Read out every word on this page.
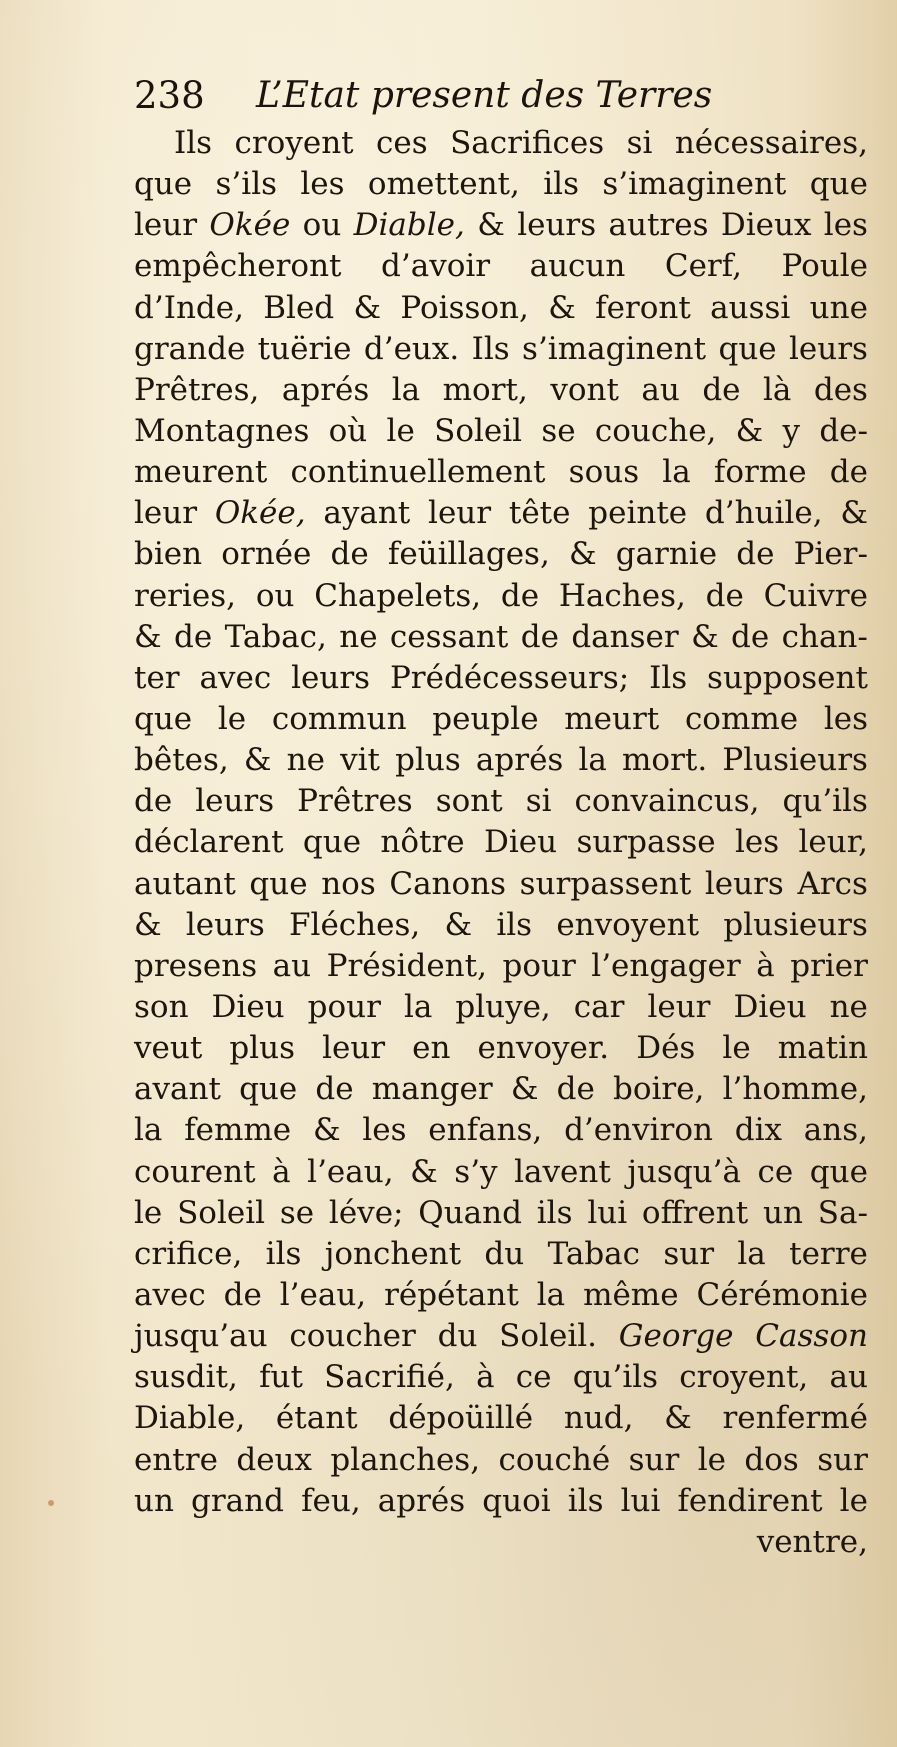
238 L’Etat present des Terres
Ils croyent ces Sacrifices si nécessaires,
que s’ils les omettent, ils s’imaginent que
leur Okée ou Diable, & leurs autres Dieux les
empêcheront d’avoir aucun Cerf, Poule
d’Inde, Bled & Poisson, & feront aussi une
grande tuërie d’eux. Ils s’imaginent que leurs
Prêtres, aprés la mort, vont au de là des
Montagnes où le Soleil se couche, & y de-
meurent continuellement sous la forme de
leur Okée, ayant leur tête peinte d’huile, &
bien ornée de feüillages, & garnie de Pier-
reries, ou Chapelets, de Haches, de Cuivre
& de Tabac, ne cessant de danser & de chan-
ter avec leurs Prédécesseurs; Ils supposent
que le commun peuple meurt comme les
bêtes, & ne vit plus aprés la mort. Plusieurs
de leurs Prêtres sont si convaincus, qu’ils
déclarent que nôtre Dieu surpasse les leur,
autant que nos Canons surpassent leurs Arcs
& leurs Fléches, & ils envoyent plusieurs
presens au Président, pour l’engager à prier
son Dieu pour la pluye, car leur Dieu ne
veut plus leur en envoyer. Dés le matin
avant que de manger & de boire, l’homme,
la femme & les enfans, d’environ dix ans,
courent à l’eau, & s’y lavent jusqu’à ce que
le Soleil se léve; Quand ils lui offrent un Sa-
crifice, ils jonchent du Tabac sur la terre
avec de l’eau, répétant la même Cérémonie
jusqu’au coucher du Soleil. George Casson
susdit, fut Sacrifié, à ce qu’ils croyent, au
Diable, étant dépoüillé nud, & renfermé
entre deux planches, couché sur le dos sur
un grand feu, aprés quoi ils lui fendirent le
ventre,
